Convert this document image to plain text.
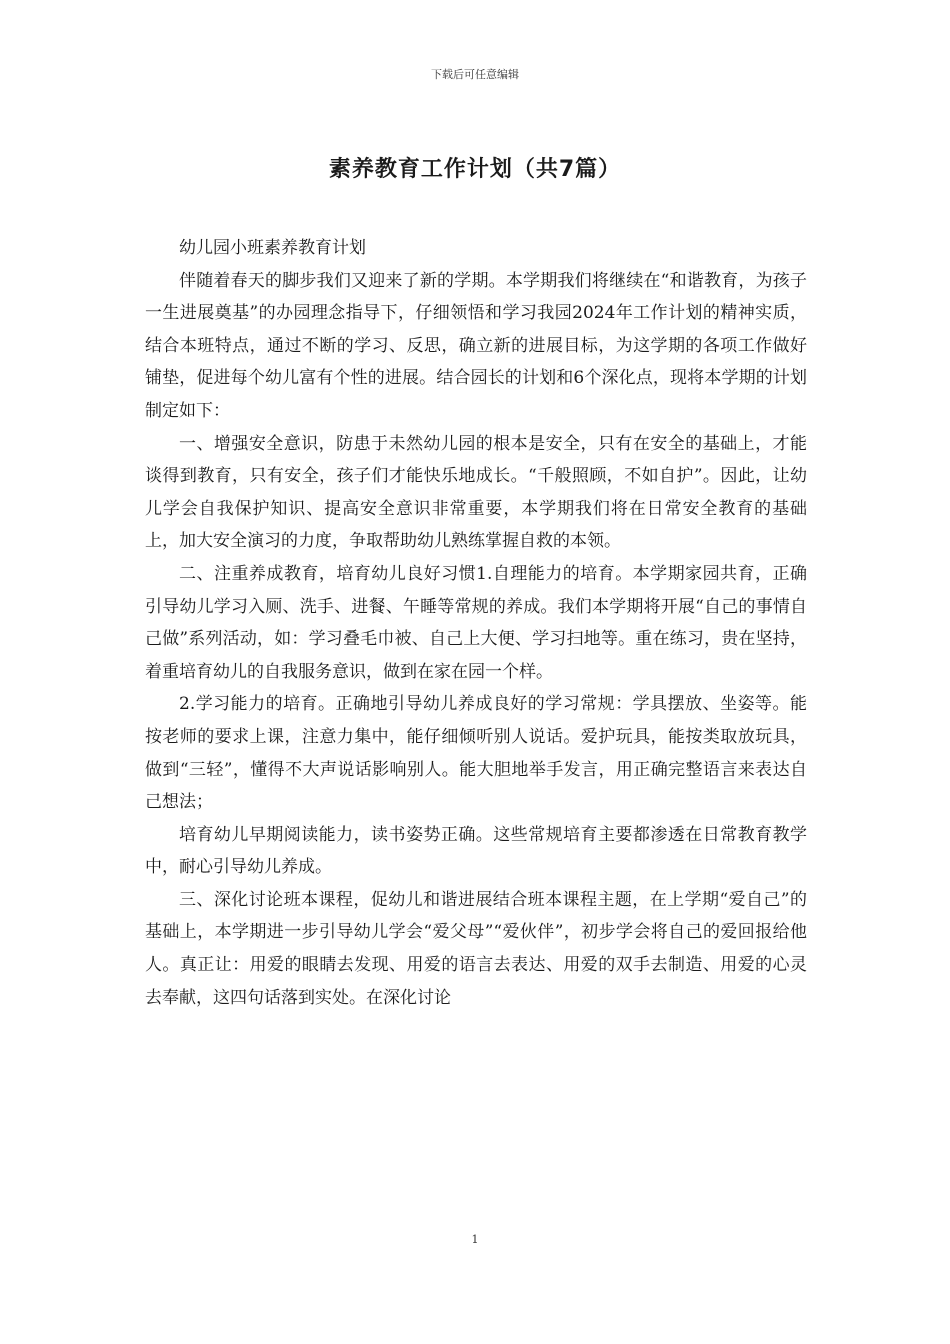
下载后可任意编辑
素养教育工作计划（共7篇）

幼儿园小班素养教育计划

伴随着春天的脚步我们又迎来了新的学期。本学期我们将继续在“和谐教育，为孩子一生进展奠基”的办园理念指导下，仔细领悟和学习我园2024年工作计划的精神实质，结合本班特点，通过不断的学习、反思，确立新的进展目标，为这学期的各项工作做好铺垫，促进每个幼儿富有个性的进展。结合园长的计划和6个深化点，现将本学期的计划制定如下：

一、增强安全意识，防患于未然幼儿园的根本是安全，只有在安全的基础上，才能谈得到教育，只有安全，孩子们才能快乐地成长。“千般照顾，不如自护”。因此，让幼儿学会自我保护知识、提高安全意识非常重要，本学期我们将在日常安全教育的基础上，加大安全演习的力度，争取帮助幼儿熟练掌握自救的本领。

二、注重养成教育，培育幼儿良好习惯1.自理能力的培育。本学期家园共育，正确引导幼儿学习入厕、洗手、进餐、午睡等常规的养成。我们本学期将开展“自己的事情自己做”系列活动，如：学习叠毛巾被、自己上大便、学习扫地等。重在练习，贵在坚持，着重培育幼儿的自我服务意识，做到在家在园一个样。

2.学习能力的培育。正确地引导幼儿养成良好的学习常规：学具摆放、坐姿等。能按老师的要求上课，注意力集中，能仔细倾听别人说话。爱护玩具，能按类取放玩具，做到“三轻”，懂得不大声说话影响别人。能大胆地举手发言，用正确完整语言来表达自己想法；

培育幼儿早期阅读能力，读书姿势正确。这些常规培育主要都渗透在日常教育教学中，耐心引导幼儿养成。

三、深化讨论班本课程，促幼儿和谐进展结合班本课程主题，在上学期“爱自己”的基础上，本学期进一步引导幼儿学会“爱父母”“爱伙伴”，初步学会将自己的爱回报给他人。真正让：用爱的眼睛去发现、用爱的语言去表达、用爱的双手去制造、用爱的心灵去奉献，这四句话落到实处。在深化讨论

1
